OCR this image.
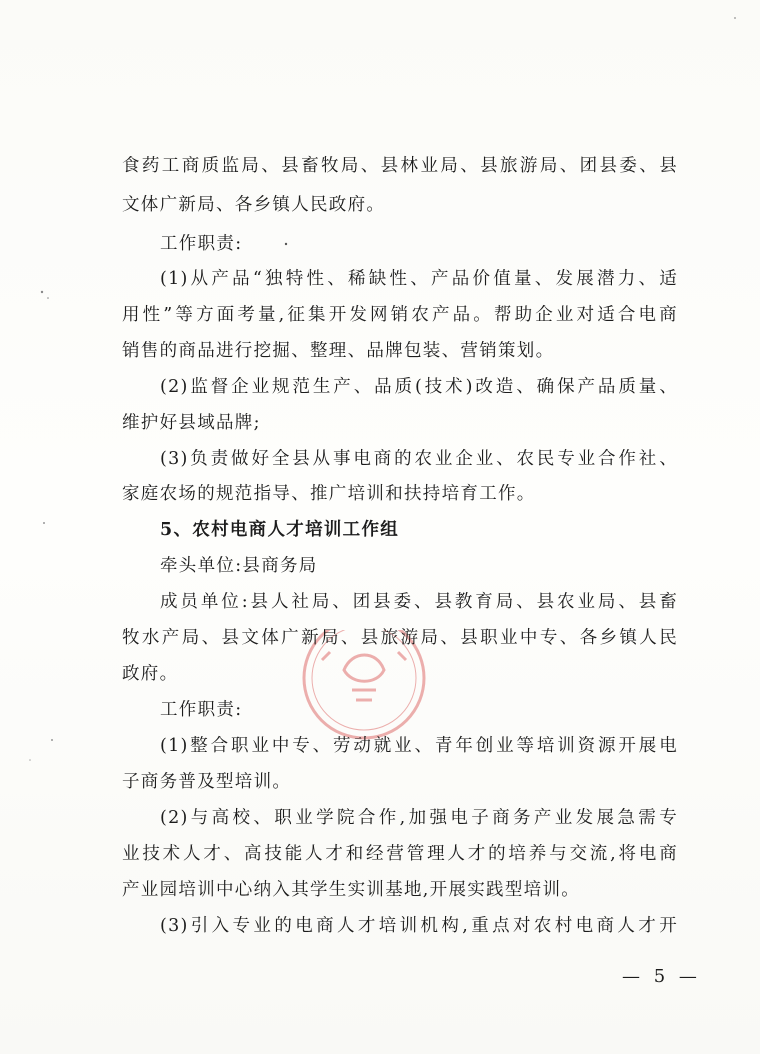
食药工商质监局、县畜牧局、县林业局、县旅游局、团县委、县
文体广新局、各乡镇人民政府。
工作职责:
(1)从产品“独特性、稀缺性、产品价值量、发展潜力、适
用性”等方面考量,征集开发网销农产品。帮助企业对适合电商
销售的商品进行挖掘、整理、品牌包装、营销策划。
(2)监督企业规范生产、品质(技术)改造、确保产品质量、
维护好县域品牌;
(3)负责做好全县从事电商的农业企业、农民专业合作社、
家庭农场的规范指导、推广培训和扶持培育工作。
5、农村电商人才培训工作组
牵头单位:县商务局
成员单位:县人社局、团县委、县教育局、县农业局、县畜
牧水产局、县文体广新局、县旅游局、县职业中专、各乡镇人民
政府。
工作职责:
(1)整合职业中专、劳动就业、青年创业等培训资源开展电
子商务普及型培训。
(2)与高校、职业学院合作,加强电子商务产业发展急需专
业技术人才、高技能人才和经营管理人才的培养与交流,将电商
产业园培训中心纳入其学生实训基地,开展实践型培训。
(3)引入专业的电商人才培训机构,重点对农村电商人才开
— 5 —
